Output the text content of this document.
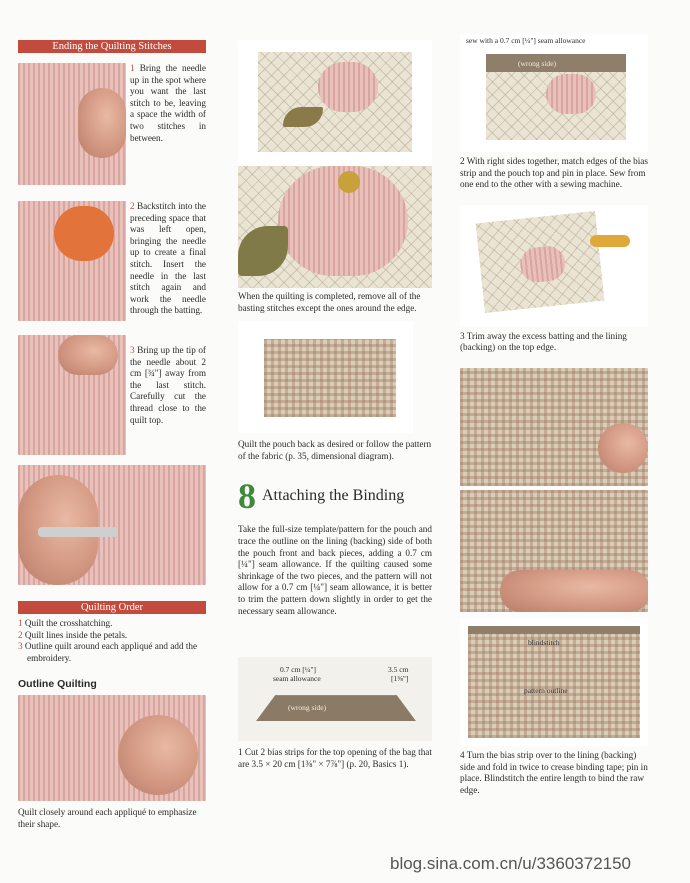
Ending the Quilting Stitches
1 Bring the needle up in the spot where you want the last stitch to be, leaving a space the width of two stitches in between.
2 Backstitch into the preceding space that was left open, bringing the needle up to create a final stitch. Insert the needle in the last stitch again and work the needle through the batting.
3 Bring up the tip of the needle about 2 cm [¾"] away from the last stitch. Carefully cut the thread close to the quilt top.
Quilting Order
1 Quilt the crosshatching.
2 Quilt lines inside the petals.
3 Outline quilt around each appliqué and add the embroidery.
Outline Quilting
Quilt closely around each appliqué to emphasize their shape.
When the quilting is completed, remove all of the basting stitches except the ones around the edge.
Quilt the pouch back as desired or follow the pattern of the fabric (p. 35, dimensional diagram).
8 Attaching the Binding
Take the full-size template/pattern for the pouch and trace the outline on the lining (backing) side of both the pouch front and back pieces, adding a 0.7 cm [¼"] seam allowance. If the quilting caused some shrinkage of the two pieces, and the pattern will not allow for a 0.7 cm [¼"] seam allowance, it is better to trim the pattern down slightly in order to get the necessary seam allowance.
0.7 cm [¼"]
seam allowance
3.5 cm
[1⅜"]
(wrong side)
1 Cut 2 bias strips for the top opening of the bag that are 3.5 × 20 cm [1⅜" × 7⅞"] (p. 20, Basics 1).
sew with a 0.7 cm [¼"] seam allowance
(wrong side)
2 With right sides together, match edges of the bias strip and the pouch top and pin in place. Sew from one end to the other with a sewing machine.
3 Trim away the excess batting and the lining (backing) on the top edge.
blindstitch
pattern outline
4 Turn the bias strip over to the lining (backing) side and fold in twice to crease binding tape; pin in place. Blindstitch the entire length to bind the raw edge.
blog.sina.com.cn/u/3360372150
